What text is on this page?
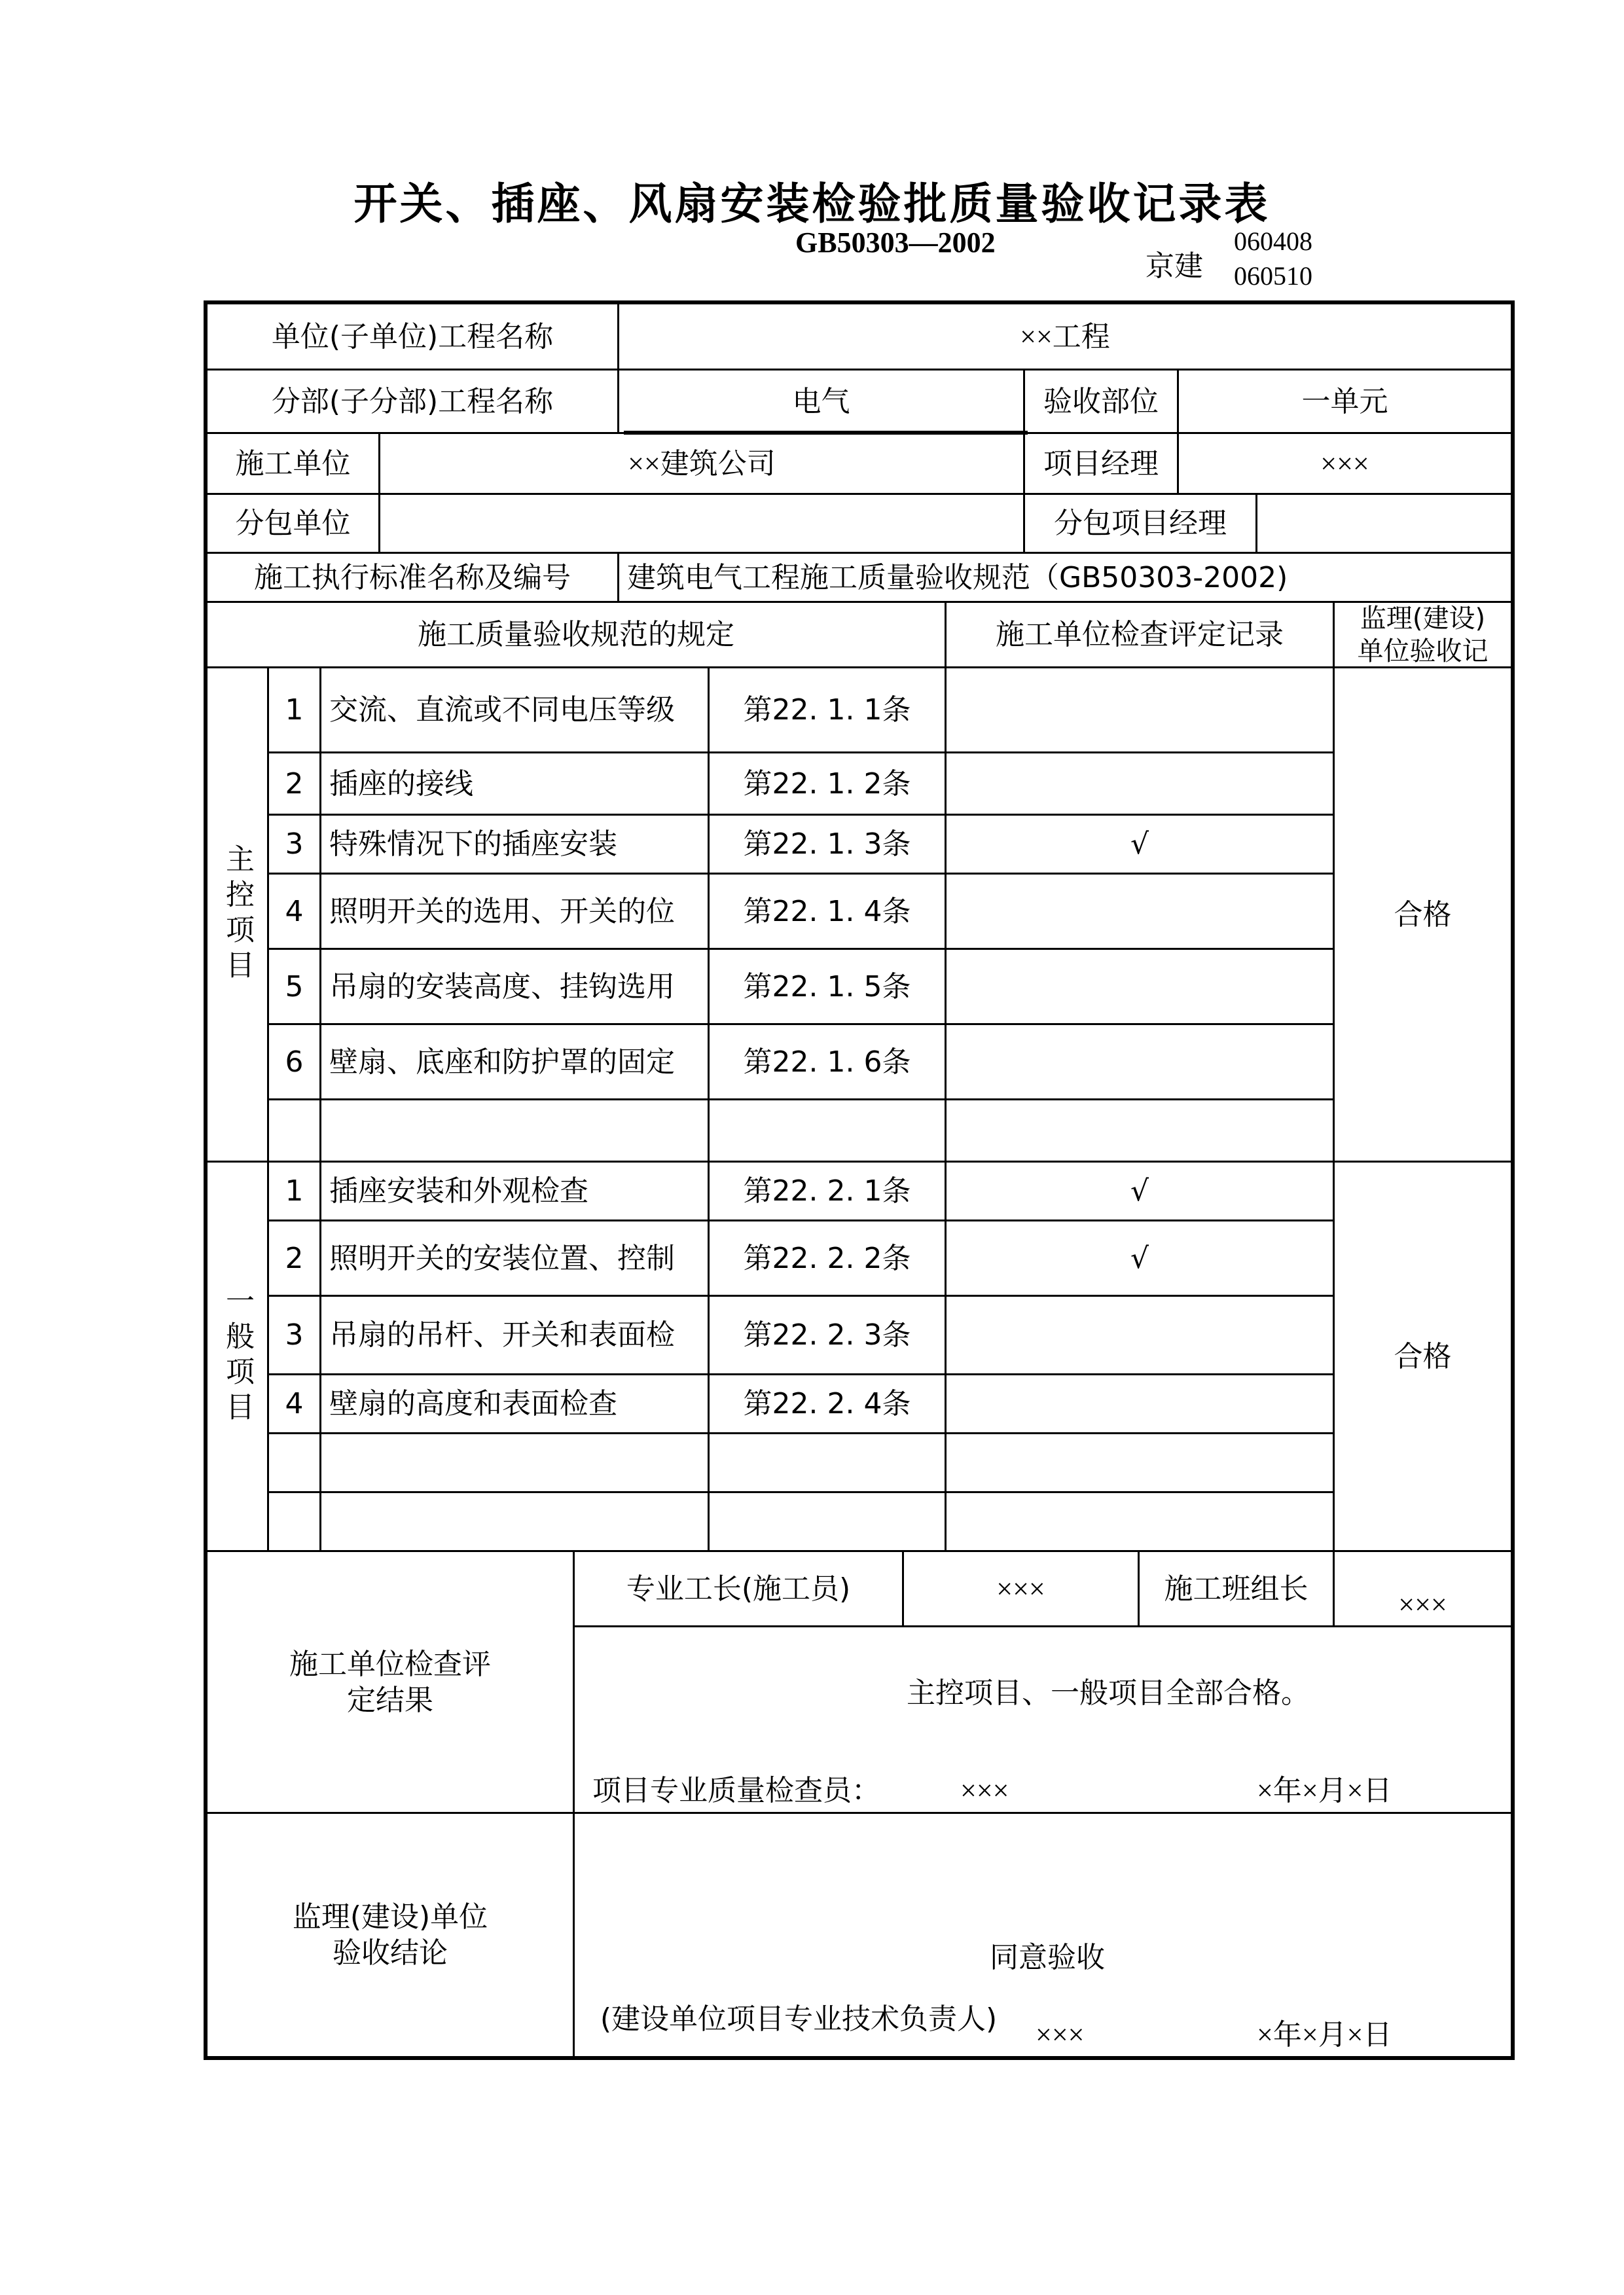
开关、插座、风扇安装检验批质量验收记录表
GB50303—2002
京建
060408
060510
单位(子单位)工程名称	××工程
分部(子分部)工程名称	电气	验收部位	一单元
施工单位	××建筑公司	项目经理	×××
分包单位	分包项目经理
施工执行标准名称及编号	建筑电气工程施工质量验收规范（GB50303-2002)
施工质量验收规范的规定	施工单位检查评定记录	监理(建设)单位验收记
主控项目	合格
1 交流、直流或不同电压等级	第22. 1. 1条
2 插座的接线	第22. 1. 2条
3 特殊情况下的插座安装	第22. 1. 3条	√
4 照明开关的选用、开关的位	第22. 1. 4条
5 吊扇的安装高度、挂钩选用	第22. 1. 5条
6 壁扇、底座和防护罩的固定	第22. 1. 6条
一般项目	合格
1 插座安装和外观检查	第22. 2. 1条	√
2 照明开关的安装位置、控制	第22. 2. 2条	√
3 吊扇的吊杆、开关和表面检	第22. 2. 3条
4 壁扇的高度和表面检查	第22. 2. 4条
施工单位检查评定结果
专业工长(施工员)	×××	施工班组长	×××
主控项目、一般项目全部合格。
项目专业质量检查员：	×××	×年×月×日
监理(建设)单位验收结论	同意验收
(建设单位项目专业技术负责人)	×××	×年×月×日
